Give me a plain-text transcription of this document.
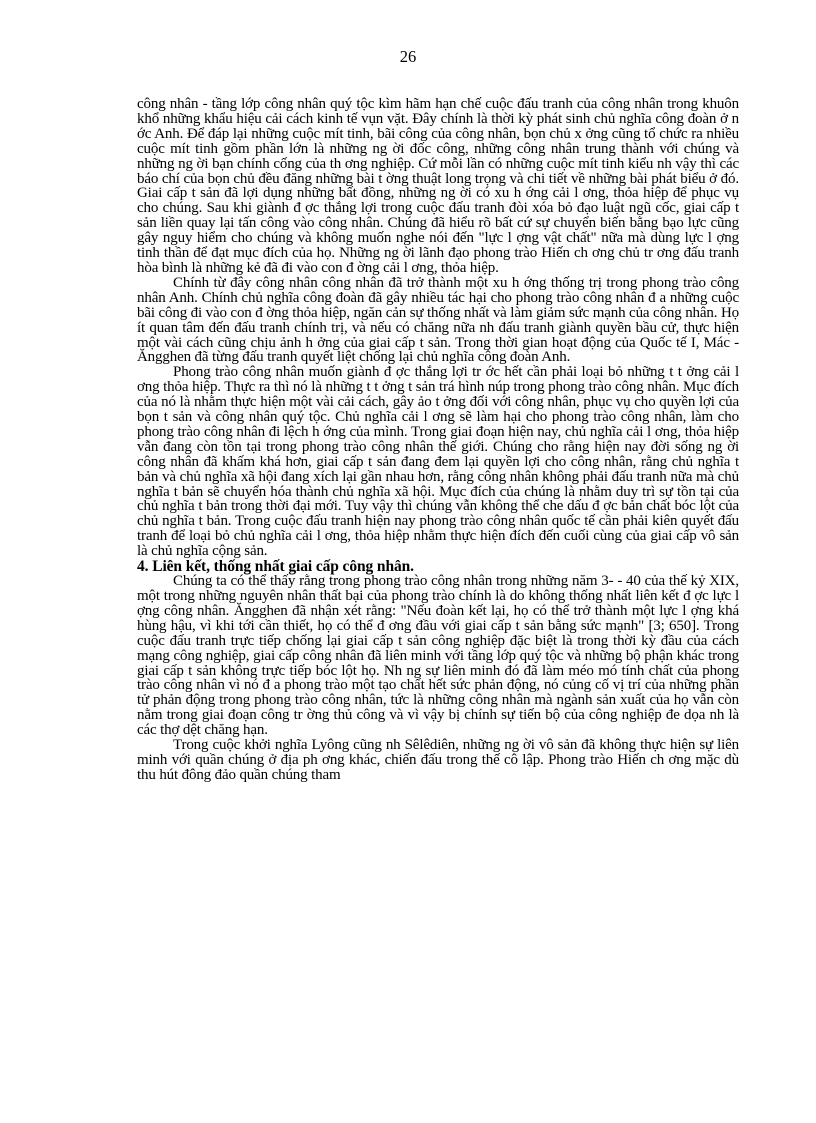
26

công nhân - tầng lớp công nhân quý tộc kìm hãm hạn chế cuộc đấu tranh của công nhân trong khuôn khổ những khẩu hiệu cải cách kinh tế vụn vặt. Đây chính là thời kỳ phát sinh chủ nghĩa công đoàn ở n ớc Anh. Để đáp lại những cuộc mít tinh, bãi công của công nhân, bọn chủ x ởng cũng tổ chức ra nhiều cuộc mít tinh gồm phần lớn là những ng ời đốc công, những công nhân trung thành với chúng và những ng ời bạn chính cống của th ơng nghiệp. Cứ mỗi lần có những cuộc mít tinh kiểu nh vậy thì các báo chí của bọn chủ đều đăng những bài t ờng thuật long trọng và chi tiết về những bài phát biểu ở đó. Giai cấp t sản đã lợi dụng những bất đồng, những ng ời có xu h ớng cải l ơng, thỏa hiệp để phục vụ cho chúng. Sau khi giành đ ợc thắng lợi trong cuộc đấu tranh đòi xóa bỏ đạo luật ngũ cốc, giai cấp t sản liền quay lại tấn công vào công nhân. Chúng đã hiểu rõ bất cứ sự chuyển biến bằng bạo lực cũng gây nguy hiểm cho chúng và không muốn nghe nói đến "lực l ợng vật chất" nữa mà dùng lực l ợng tinh thần để đạt mục đích của họ. Những ng ời lãnh đạo phong trào Hiến ch ơng chủ tr ơng đấu tranh hòa bình là những kẻ đã đi vào con đ ờng cải l ơng, thỏa hiệp.

Chính từ đây công nhân công nhân đã trở thành một xu h ớng thống trị trong phong trào công nhân Anh. Chính chủ nghĩa công đoàn đã gây nhiều tác hại cho phong trào công nhân đ a những cuộc bãi công đi vào con đ ờng thỏa hiệp, ngăn cản sự thống nhất và làm giảm sức mạnh của công nhân. Họ ít quan tâm đến đấu tranh chính trị, và nếu có chăng nữa nh đấu tranh giành quyền bầu cử, thực hiện một vài cách cũng chịu ảnh h ởng của giai cấp t sản. Trong thời gian hoạt động của Quốc tế I, Mác - Ăngghen đã từng đấu tranh quyết liệt chống lại chủ nghĩa công đoàn Anh.

Phong trào công nhân muốn giành đ ợc thắng lợi tr ớc hết cần phải loại bỏ những t t ởng cải l ơng thỏa hiệp. Thực ra thì nó là những t t ởng t sản trá hình núp trong phong trào công nhân. Mục đích của nó là nhằm thực hiện một vài cải cách, gây ảo t ởng đối với công nhân, phục vụ cho quyền lợi của bọn t sản và công nhân quý tộc. Chủ nghĩa cải l ơng sẽ làm hại cho phong trào công nhân, làm cho phong trào công nhân đi lệch h ớng của mình. Trong giai đoạn hiện nay, chủ nghĩa cải l ơng, thỏa hiệp vẫn đang còn tồn tại trong phong trào công nhân thế giới. Chúng cho rằng hiện nay đời sống ng ời công nhân đã khấm khá hơn, giai cấp t sản đang đem lại quyền lợi cho công nhân, rằng chủ nghĩa t bản và chủ nghĩa xã hội đang xích lại gần nhau hơn, rằng công nhân không phải đấu tranh nữa mà chủ nghĩa t bản sẽ chuyển hóa thành chủ nghĩa xã hội. Mục đích của chúng là nhằm duy trì sự tồn tại của chủ nghĩa t bản trong thời đại mới. Tuy vậy thì chúng vẫn không thể che dấu đ ợc bản chất bóc lột của chủ nghĩa t bản. Trong cuộc đấu tranh hiện nay phong trào công nhân quốc tế cần phải kiên quyết đấu tranh để loại bỏ chủ nghĩa cải l ơng, thỏa hiệp nhằm thực hiện đích đến cuối cùng của giai cấp vô sản là chủ nghĩa cộng sản.

4. Liên kết, thống nhất giai cấp công nhân.

Chúng ta có thể thấy rằng trong phong trào công nhân trong những năm 3- - 40 của thế kỷ XIX, một trong những nguyên nhân thất bại của phong trào chính là do không thống nhất liên kết đ ợc lực l ợng công nhân. Ăngghen đã nhận xét rằng: "Nếu đoàn kết lại, họ có thể trở thành một lực l ợng khá hùng hậu, vì khi tới cần thiết, họ có thể đ ơng đầu với giai cấp t sản bằng sức mạnh" [3; 650]. Trong cuộc đấu tranh trực tiếp chống lại giai cấp t sản công nghiệp đặc biệt là trong thời kỳ đầu của cách mạng công nghiệp, giai cấp công nhân đã liên minh với tầng lớp quý tộc và những bộ phận khác trong giai cấp t sản không trực tiếp bóc lột họ. Nh ng sự liên minh đó đã làm méo mó tính chất của phong trào công nhân vì nó đ a phong trào một tạo chất hết sức phản động, nó củng cố vị trí của những phần tử phản động trong phong trào công nhân, tức là những công nhân mà ngành sản xuất của họ vẫn còn nằm trong giai đoạn công tr ờng thủ công và vì vậy bị chính sự tiến bộ của công nghiệp đe dọa nh là các thợ dệt chăng hạn.

Trong cuộc khởi nghĩa Lyông cũng nh Sêlêdiên, những ng ời vô sản đã không thực hiện sự liên minh với quần chúng ở địa ph ơng khác, chiến đấu trong thế cô lập. Phong trào Hiến ch ơng mặc dù thu hút đông đảo quần chúng tham
